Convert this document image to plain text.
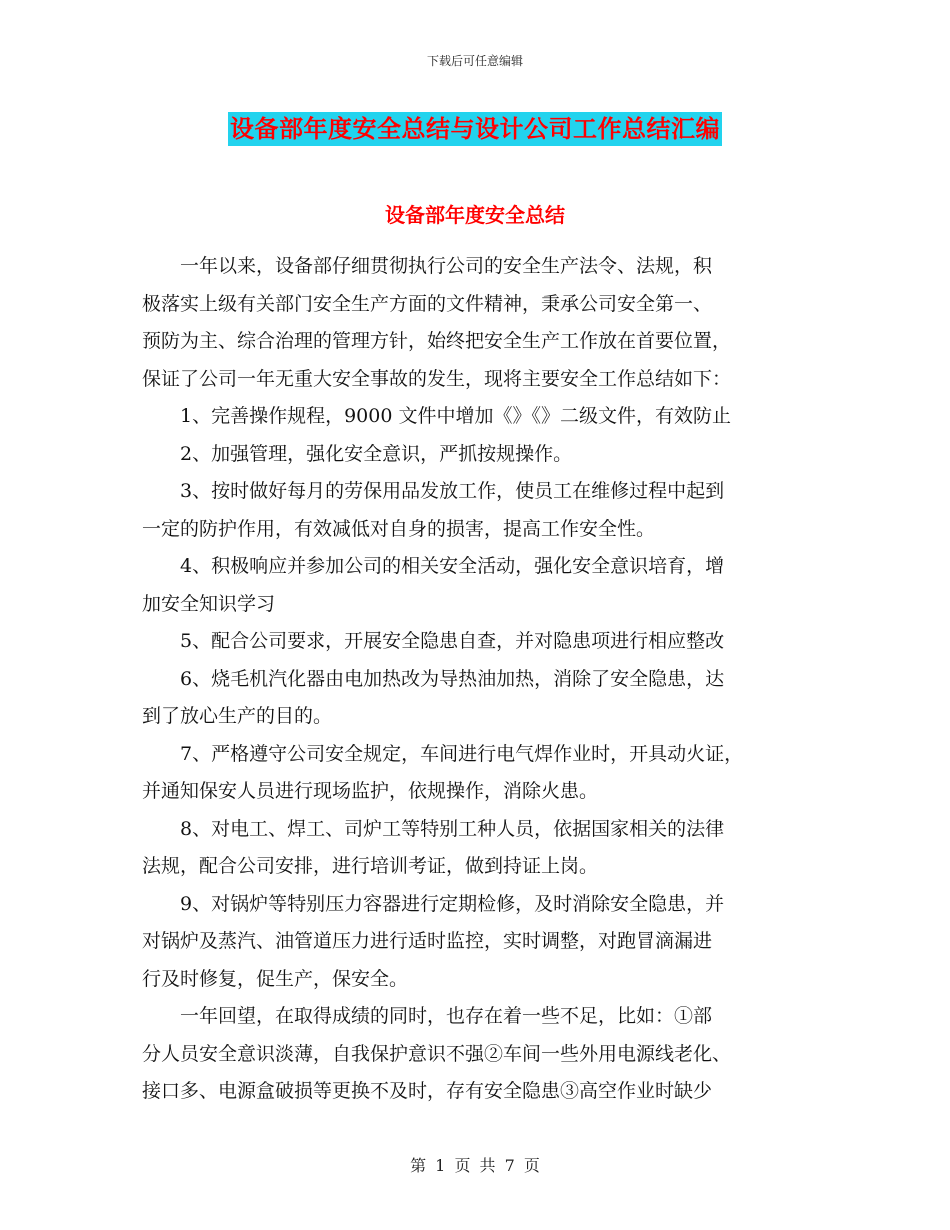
下载后可任意编辑
设备部年度安全总结与设计公司工作总结汇编
设备部年度安全总结

一年以来，设备部仔细贯彻执行公司的安全生产法令、法规，积
极落实上级有关部门安全生产方面的文件精神，秉承公司安全第一、
预防为主、综合治理的管理方针，始终把安全生产工作放在首要位置，
保证了公司一年无重大安全事故的发生，现将主要安全工作总结如下：

1、完善操作规程，9000 文件中增加《》《》二级文件，有效防止

2、加强管理，强化安全意识，严抓按规操作。

3、按时做好每月的劳保用品发放工作，使员工在维修过程中起到
一定的防护作用，有效减低对自身的损害，提高工作安全性。

4、积极响应并参加公司的相关安全活动，强化安全意识培育，增
加安全知识学习

5、配合公司要求，开展安全隐患自查，并对隐患项进行相应整改

6、烧毛机汽化器由电加热改为导热油加热，消除了安全隐患，达
到了放心生产的目的。

7、严格遵守公司安全规定，车间进行电气焊作业时，开具动火证，
并通知保安人员进行现场监护，依规操作，消除火患。

8、对电工、焊工、司炉工等特别工种人员，依据国家相关的法律
法规，配合公司安排，进行培训考证，做到持证上岗。

9、对锅炉等特别压力容器进行定期检修，及时消除安全隐患，并
对锅炉及蒸汽、油管道压力进行适时监控，实时调整，对跑冒滴漏进
行及时修复，促生产，保安全。

一年回望，在取得成绩的同时，也存在着一些不足，比如：①部
分人员安全意识淡薄，自我保护意识不强②车间一些外用电源线老化、
接口多、电源盒破损等更换不及时，存有安全隐患③高空作业时缺少

第 1 页 共 7 页
